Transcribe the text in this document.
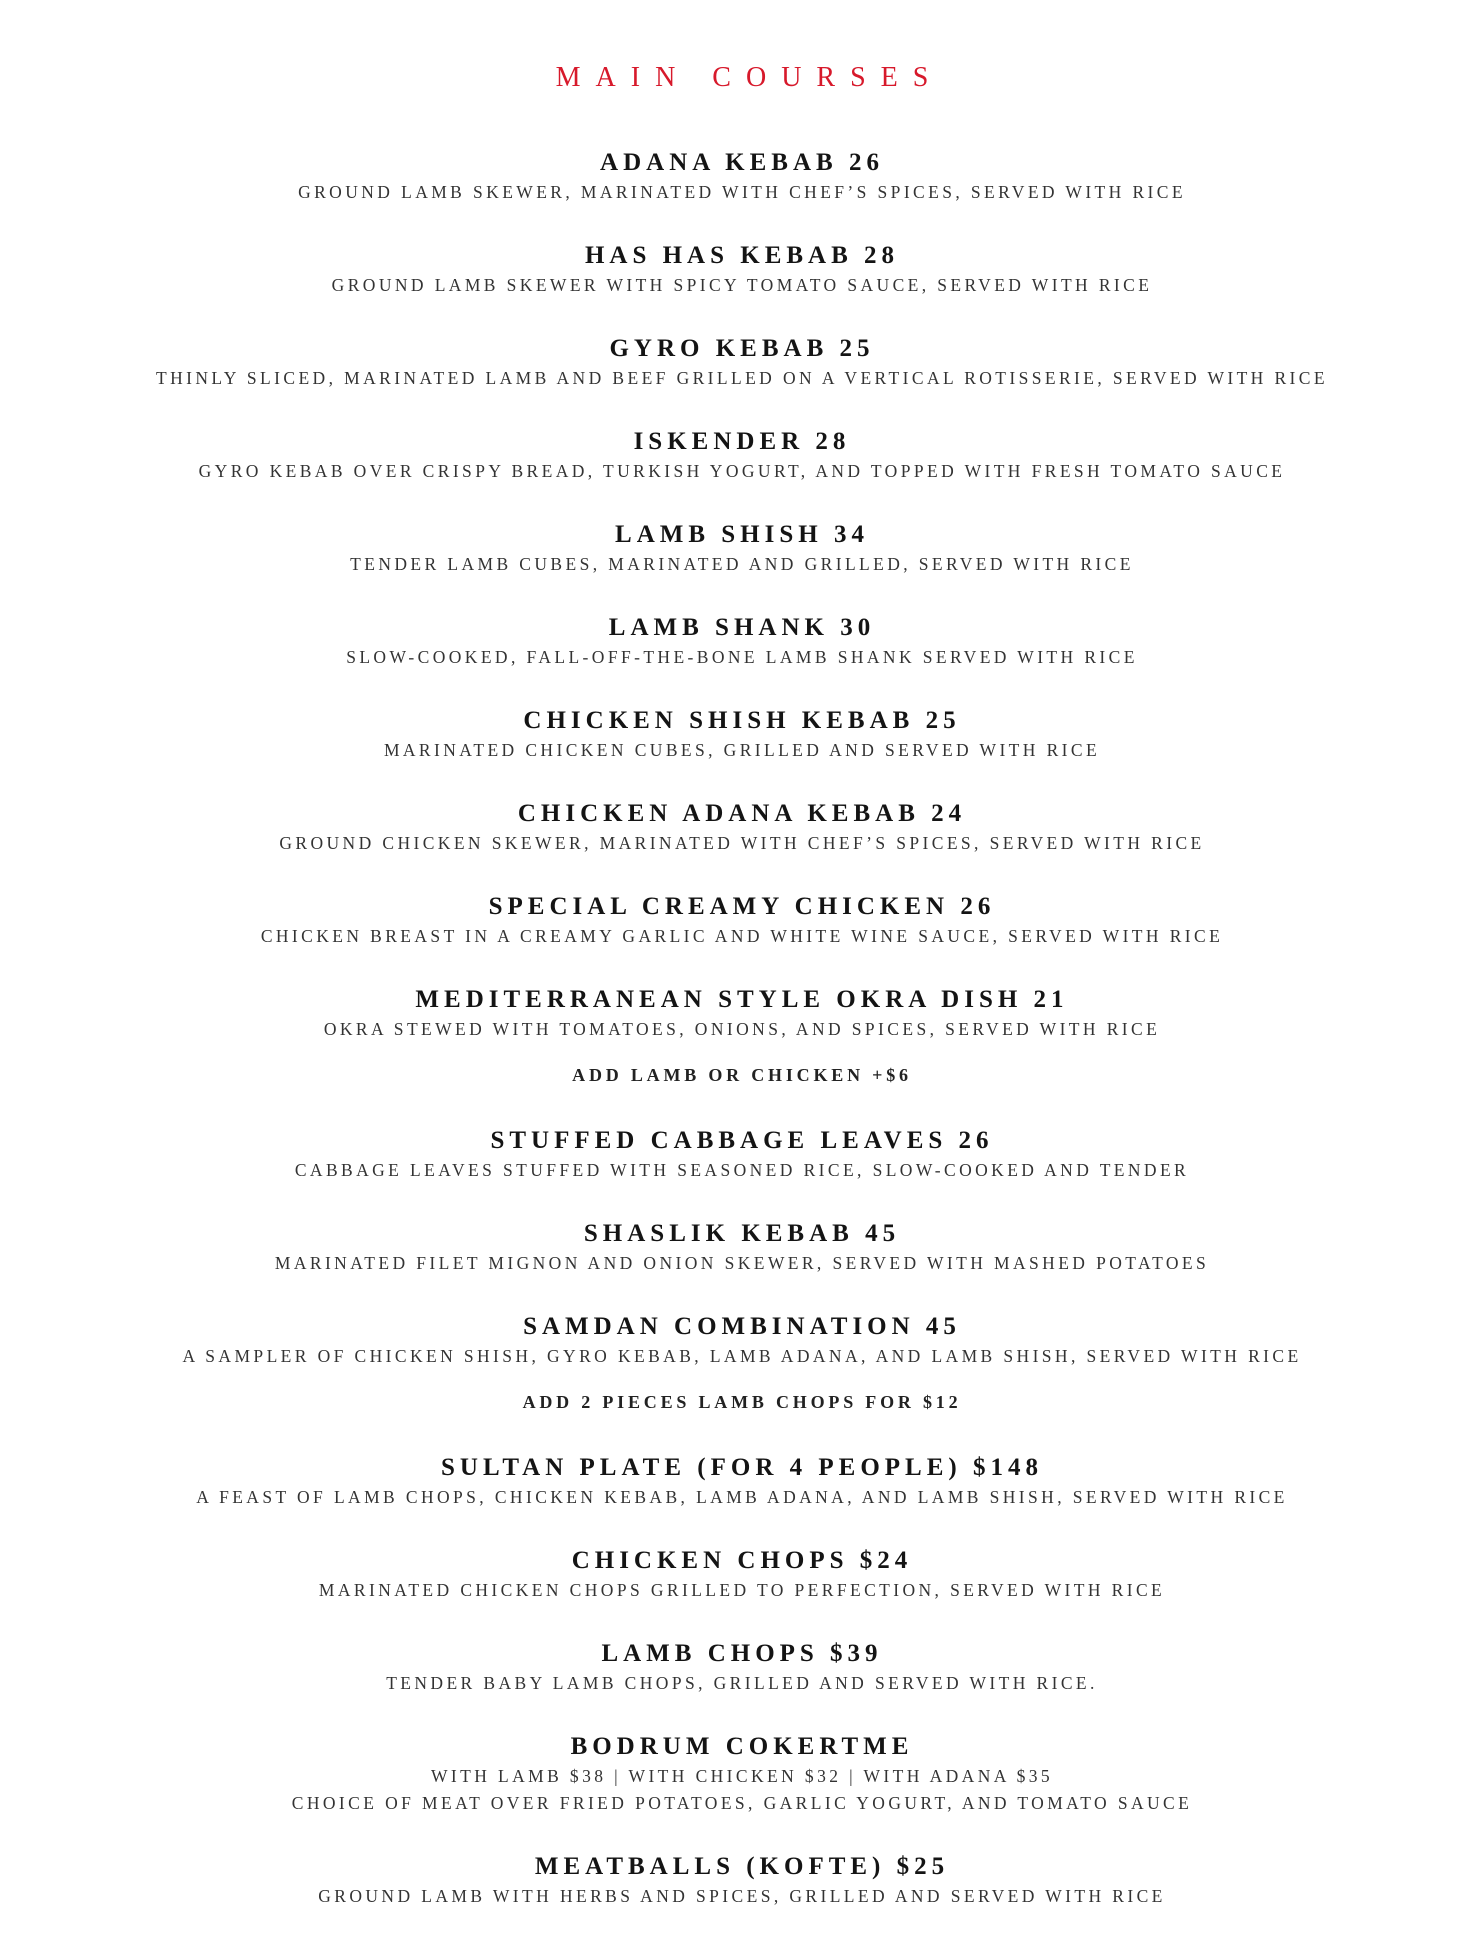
MAIN COURSES
ADANA KEBAB 26
GROUND LAMB SKEWER, MARINATED WITH CHEF’S SPICES, SERVED WITH RICE
HAS HAS KEBAB 28
GROUND LAMB SKEWER WITH SPICY TOMATO SAUCE, SERVED WITH RICE
GYRO KEBAB 25
THINLY SLICED, MARINATED LAMB AND BEEF GRILLED ON A VERTICAL ROTISSERIE, SERVED WITH RICE
ISKENDER 28
GYRO KEBAB OVER CRISPY BREAD, TURKISH YOGURT, AND TOPPED WITH FRESH TOMATO SAUCE
LAMB SHISH 34
TENDER LAMB CUBES, MARINATED AND GRILLED, SERVED WITH RICE
LAMB SHANK 30
SLOW-COOKED, FALL-OFF-THE-BONE LAMB SHANK SERVED WITH RICE
CHICKEN SHISH KEBAB 25
MARINATED CHICKEN CUBES, GRILLED AND SERVED WITH RICE
CHICKEN ADANA KEBAB 24
GROUND CHICKEN SKEWER, MARINATED WITH CHEF’S SPICES, SERVED WITH RICE
SPECIAL CREAMY CHICKEN 26
CHICKEN BREAST IN A CREAMY GARLIC AND WHITE WINE SAUCE, SERVED WITH RICE
MEDITERRANEAN STYLE OKRA DISH 21
OKRA STEWED WITH TOMATOES, ONIONS, AND SPICES, SERVED WITH RICE
ADD LAMB OR CHICKEN +$6
STUFFED CABBAGE LEAVES 26
CABBAGE LEAVES STUFFED WITH SEASONED RICE, SLOW-COOKED AND TENDER
SHASLIK KEBAB 45
MARINATED FILET MIGNON AND ONION SKEWER, SERVED WITH MASHED POTATOES
SAMDAN COMBINATION 45
A SAMPLER OF CHICKEN SHISH, GYRO KEBAB, LAMB ADANA, AND LAMB SHISH, SERVED WITH RICE
ADD 2 PIECES LAMB CHOPS FOR $12
SULTAN PLATE (FOR 4 PEOPLE) $148
A FEAST OF LAMB CHOPS, CHICKEN KEBAB, LAMB ADANA, AND LAMB SHISH, SERVED WITH RICE
CHICKEN CHOPS $24
MARINATED CHICKEN CHOPS GRILLED TO PERFECTION, SERVED WITH RICE
LAMB CHOPS $39
TENDER BABY LAMB CHOPS, GRILLED AND SERVED WITH RICE.
BODRUM COKERTME
WITH LAMB $38 | WITH CHICKEN $32 | WITH ADANA $35
CHOICE OF MEAT OVER FRIED POTATOES, GARLIC YOGURT, AND TOMATO SAUCE
MEATBALLS (KOFTE) $25
GROUND LAMB WITH HERBS AND SPICES, GRILLED AND SERVED WITH RICE
